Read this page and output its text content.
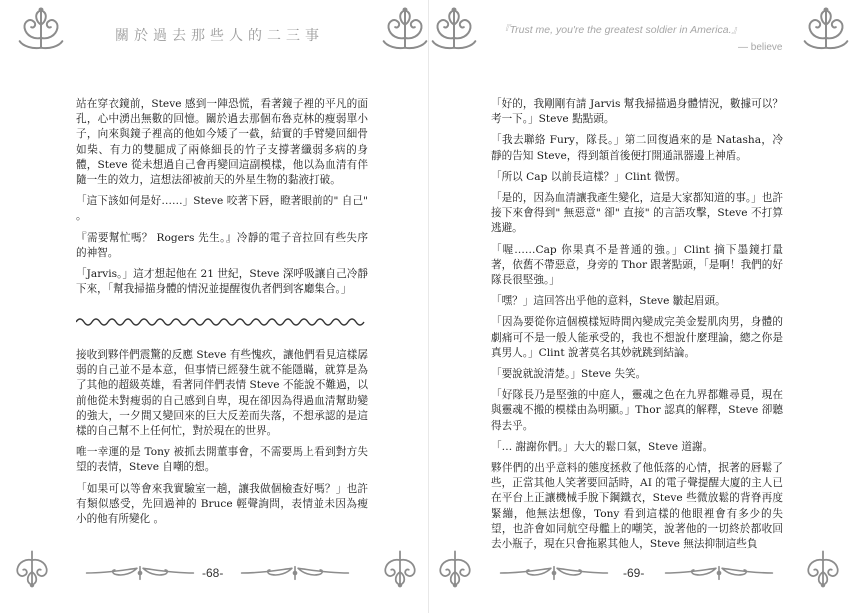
關於過去那些人的二三事

站在穿衣鏡前，Steve 感到一陣恐慌，看著鏡子裡的平凡的面孔，心中湧出無數的回憶。關於過去那個布魯克林的瘦弱單小子，向來與鏡子裡高的他如今矮了一截，結實的手臂變回細骨如柴、有力的雙腿成了兩條細長的竹子支撐著纖弱多病的身體，Steve 從未想過自己會再變回這副模樣，他以為血清有伴隨一生的效力，這想法卻被前天的外星生物的黏液打破。

「這下該如何是好……」Steve 咬著下唇，瞪著眼前的" 自己" 。

『需要幫忙嗎？ Rogers 先生。』冷靜的電子音拉回有些失序的神智。

「Jarvis。」這才想起他在 21 世紀，Steve 深呼吸讓自己冷靜下來，「幫我掃描身體的情況並提醒復仇者們到客廳集合。」

接收到夥伴們震驚的反應 Steve 有些愧疚，讓他們看見這樣孱弱的自己並不是本意，但事情已經發生就不能隱瞞，就算是為了其他的超級英雄，看著同伴們表情 Steve 不能說不難過，以前他從未對瘦弱的自己感到自卑，現在卻因為得過血清幫助變的強大，一夕間又變回來的巨大反差而失落，不想承認的是這樣的自己幫不上任何忙，對於現在的世界。

唯一幸運的是 Tony 被抓去開董事會，不需要馬上看到對方失望的表情，Steve 自嘲的想。

「如果可以等會來我實驗室一趟，讓我做個檢查好嗎？」也許有類似感受，先回過神的 Bruce 輕聲詢問，表情並未因為瘦小的他有所變化 。

-68-
『Trust me, you're the greatest soldier in America.』
— believe

「好的，我剛剛有請 Jarvis 幫我掃描過身體情況，數據可以？考一下。」Steve 點點頭。

「我去聯絡 Fury，隊長。」第二回復過來的是 Natasha，冷靜的告知 Steve，得到頷首後便打開通訊器邊上神盾。

「所以 Cap 以前長這樣？」Clint 微愣。

「是的，因為血清讓我產生變化，這是大家都知道的事。」也許接下來會得到" 無惡意" 卻" 直接" 的言語攻擊，Steve 不打算逃避。

「喔……Cap 你果真不是普通的強。」Clint 摘下墨鏡打量著，依舊不帶惡意，身旁的 Thor 跟著點頭，「是啊！我們的好隊長很堅強。」

「嘿？」這回答出乎他的意料，Steve 皺起眉頭。

「因為要從你這個模樣短時間內變成完美金髮肌肉男，身體的劇痛可不是一般人能承受的，我也不想說什麼理論，總之你是真男人。」Clint 說著莫名其妙就跳到結論。

「要說就說清楚。」Steve 失笑。

「好隊長乃是堅強的中庭人，靈魂之色在九界都難尋覓，現在與靈魂不搬的模樣由為明顯。」Thor 認真的解釋，Steve 卻聽得去乎。

「… 謝謝你們。」大大的鬆口氣，Steve 道謝。

夥伴們的出乎意料的態度拯救了他低落的心情，抿著的唇鬆了些，正當其他人笑著要回話時，AI 的電子聲提醒大廈的主人已在平台上正讓機械手脫下鋼鐵衣，Steve 些微放鬆的背脊再度緊繃，他無法想像，Tony 看到這樣的他眼裡會有多少的失望，也許會如同航空母艦上的嘲笑，說著他的一切終於都收回去小瓶子，現在只會拖累其他人，Steve 無法抑制這些負

-69-
